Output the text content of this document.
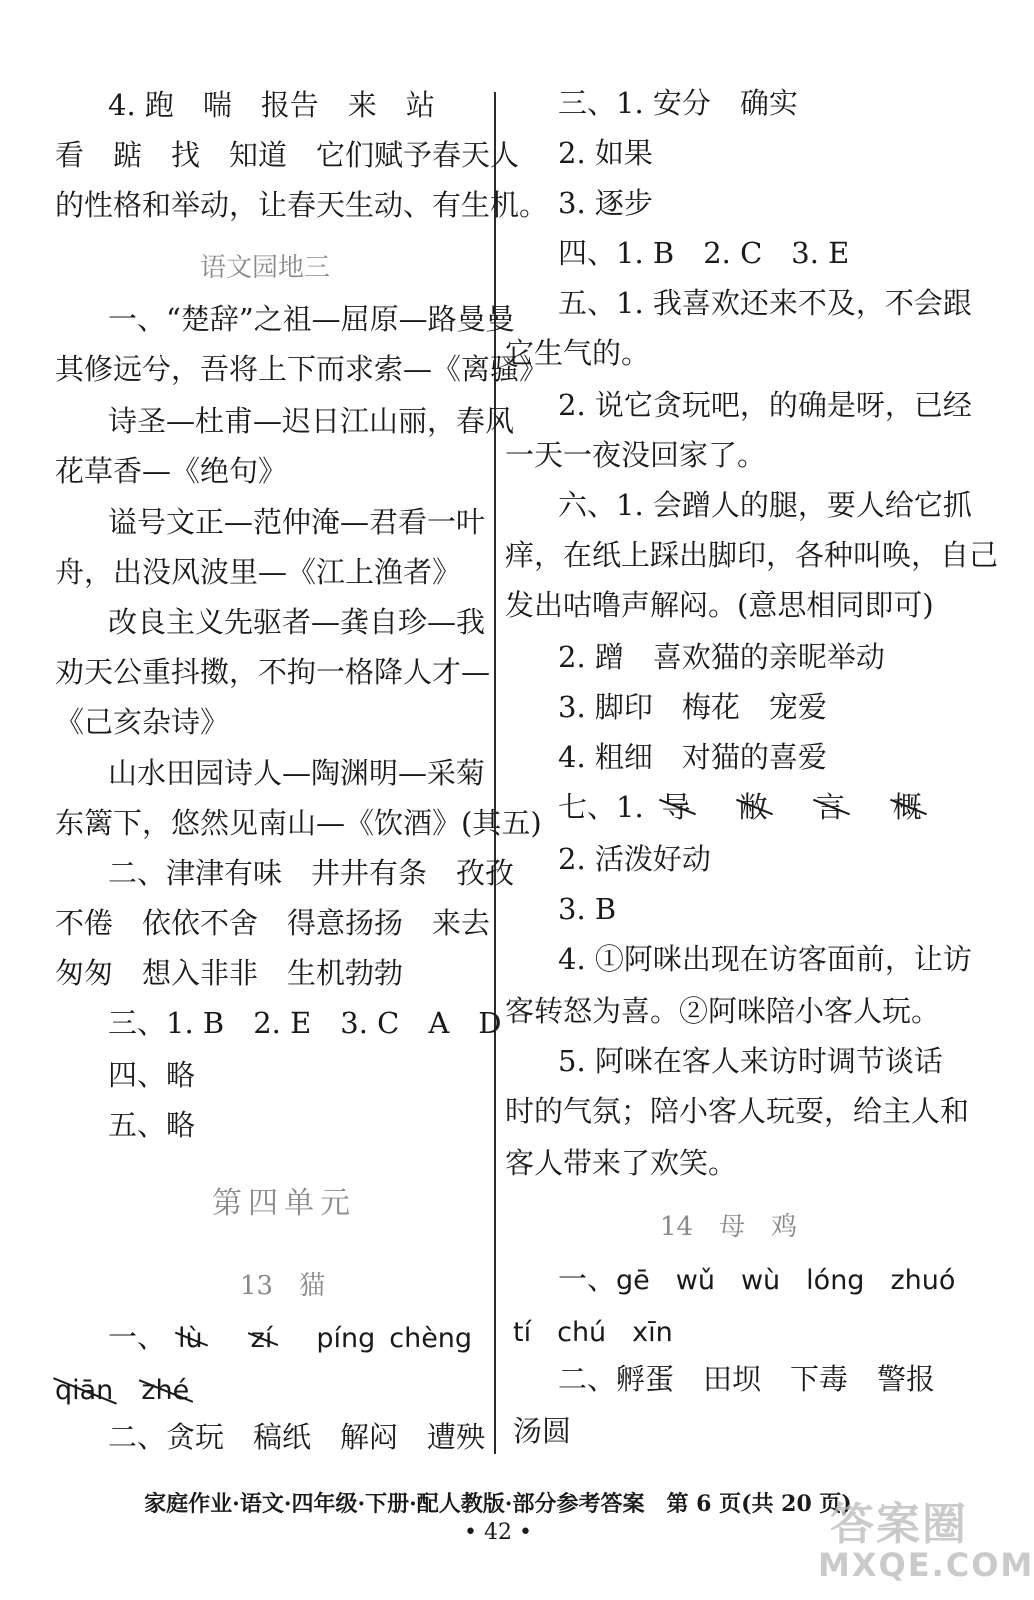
4. 跑　喘　报告　来　站
看　踮　找　知道　它们赋予春天人
的性格和举动，让春天生动、有生机。
语文园地三
一、“楚辞”之祖—屈原—路曼曼
其修远兮，吾将上下而求索—《离骚》
诗圣—杜甫—迟日江山丽，春风
花草香—《绝句》
谥号文正—范仲淹—君看一叶
舟，出没风波里—《江上渔者》
改良主义先驱者—龚自珍—我
劝天公重抖擞，不拘一格降人才—
《己亥杂诗》
山水田园诗人—陶渊明—采菊
东篱下，悠然见南山—《饮酒》(其五)
二、津津有味　井井有条　孜孜
不倦　依依不舍　得意扬扬　来去
匆匆　想入非非　生机勃勃
三、1. B　2. E　3. C　A　D
四、略
五、略
第四单元
13　猫
一、 lù zí píng chèng
qiān zhé
二、贪玩　稿纸　解闷　遭殃
三、1. 安分　确实
2. 如果
3. 逐步
四、1. B　2. C　3. E
五、1. 我喜欢还来不及，不会跟
它生气的。
2. 说它贪玩吧，的确是呀，已经
一天一夜没回家了。
六、1. 会蹭人的腿，要人给它抓
痒，在纸上踩出脚印，各种叫唤，自己
发出咕噜声解闷。(意思相同即可)
2. 蹭　喜欢猫的亲昵举动
3. 脚印　梅花　宠爱
4. 粗细　对猫的喜爱
七、1. 导 敝 言 概
2. 活泼好动
3. B
4. ①阿咪出现在访客面前，让访
客转怒为喜。②阿咪陪小客人玩。
5. 阿咪在客人来访时调节谈话
时的气氛；陪小客人玩耍，给主人和
客人带来了欢笑。
14　母　鸡
一、gē wǔ wù lóng zhuó
tí chú xīn
二、孵蛋　田坝　下毒　警报
汤圆
家庭作业·语文·四年级·下册·配人教版·部分参考答案　第 6 页(共 20 页)
• 42 •	答案圈
MXQE.COM
